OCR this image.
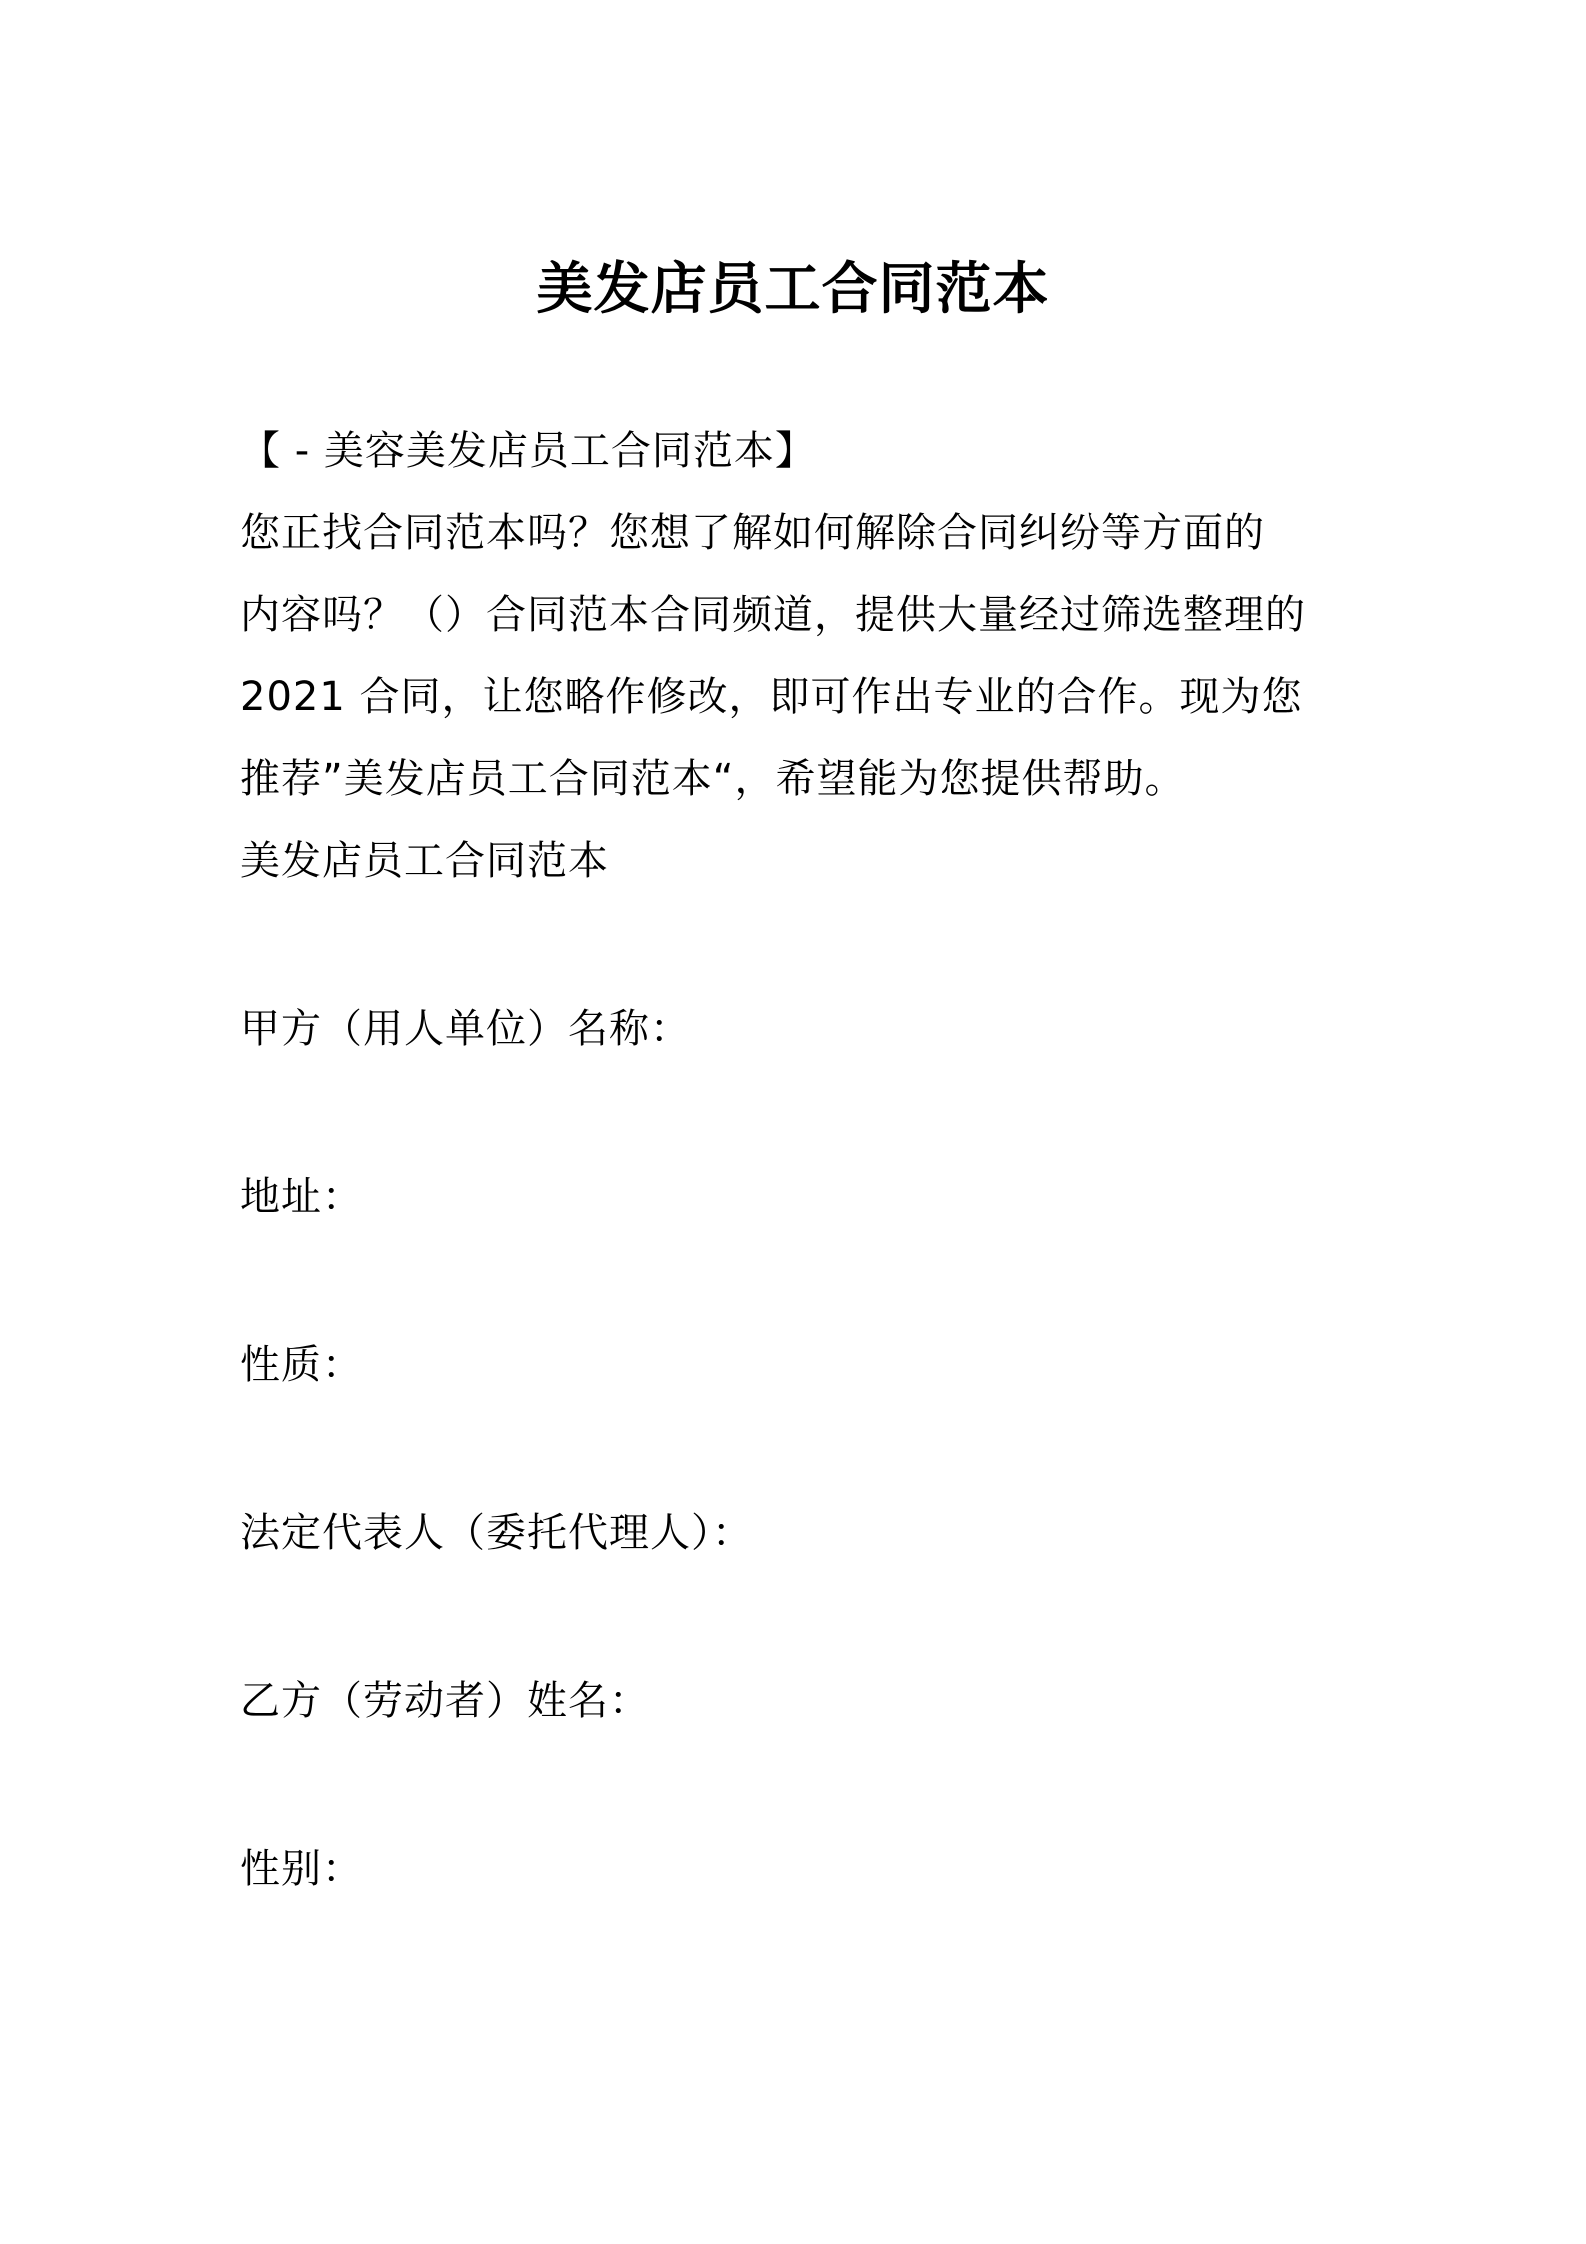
美发店员工合同范本
【 - 美容美发店员工合同范本】
您正找合同范本吗？您想了解如何解除合同纠纷等方面的
内容吗？（）合同范本合同频道，提供大量经过筛选整理的
2021 合同，让您略作修改，即可作出专业的合作。现为您
推荐”美发店员工合同范本“，希望能为您提供帮助。
美发店员工合同范本
甲方（用人单位）名称：
地址：
性质：
法定代表人（委托代理人）：
乙方（劳动者）姓名：
性别：
